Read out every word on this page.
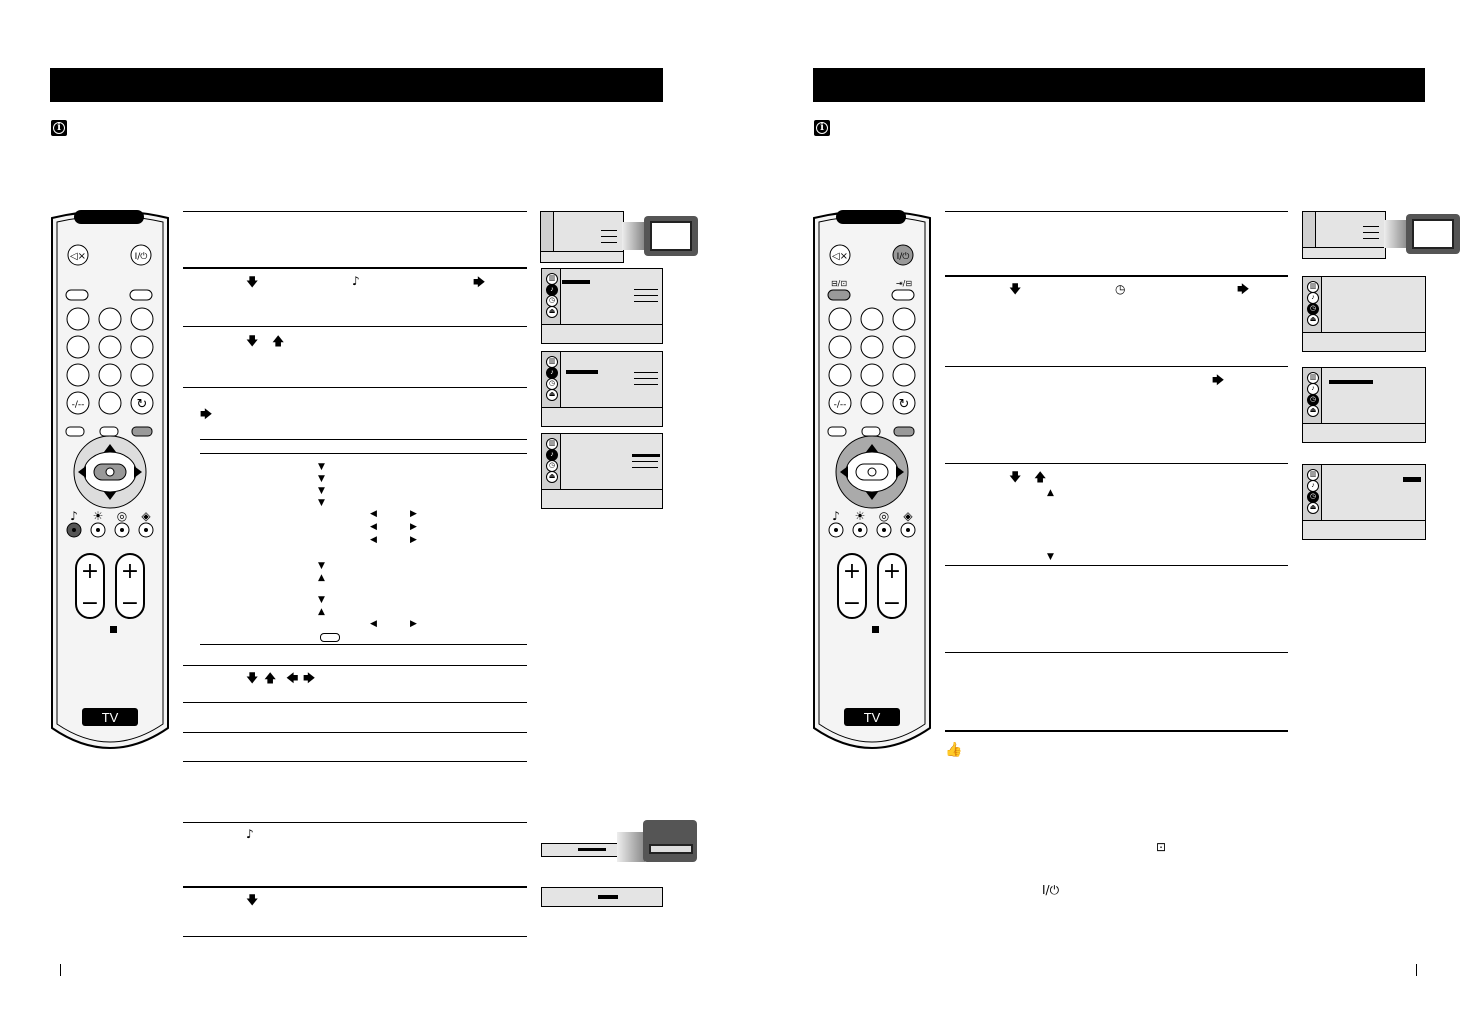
i
◁×	I/⏻
-/--	↻
♪ ☀ ◎ ◈
+
−
+
−
TV
🡇	♪	🡆
🡇 🡅
🡆
▼
▼
▼
▼
◀	▶
◀	▶
◀	▶
▼
▲
▼
▲
◀	▶
🡇 🡅 🡄 🡆
♪
🡇
▥
♪
◷
⏏
▥
♪
◷
⏏
▥
♪
◷
⏏
i
◁×	I/⏻
⊟/⊡	⇥/⊟
-/--	↻
♪ ☀ ◎ ◈
+
−
+
−
TV
🡇	◷	🡆
🡆
🡇 🡅
▲
▼
👍
⊡
I/⏻
▥
♪
◷
⏏
▥
♪
◷
⏏
▥
♪
◷
⏏
